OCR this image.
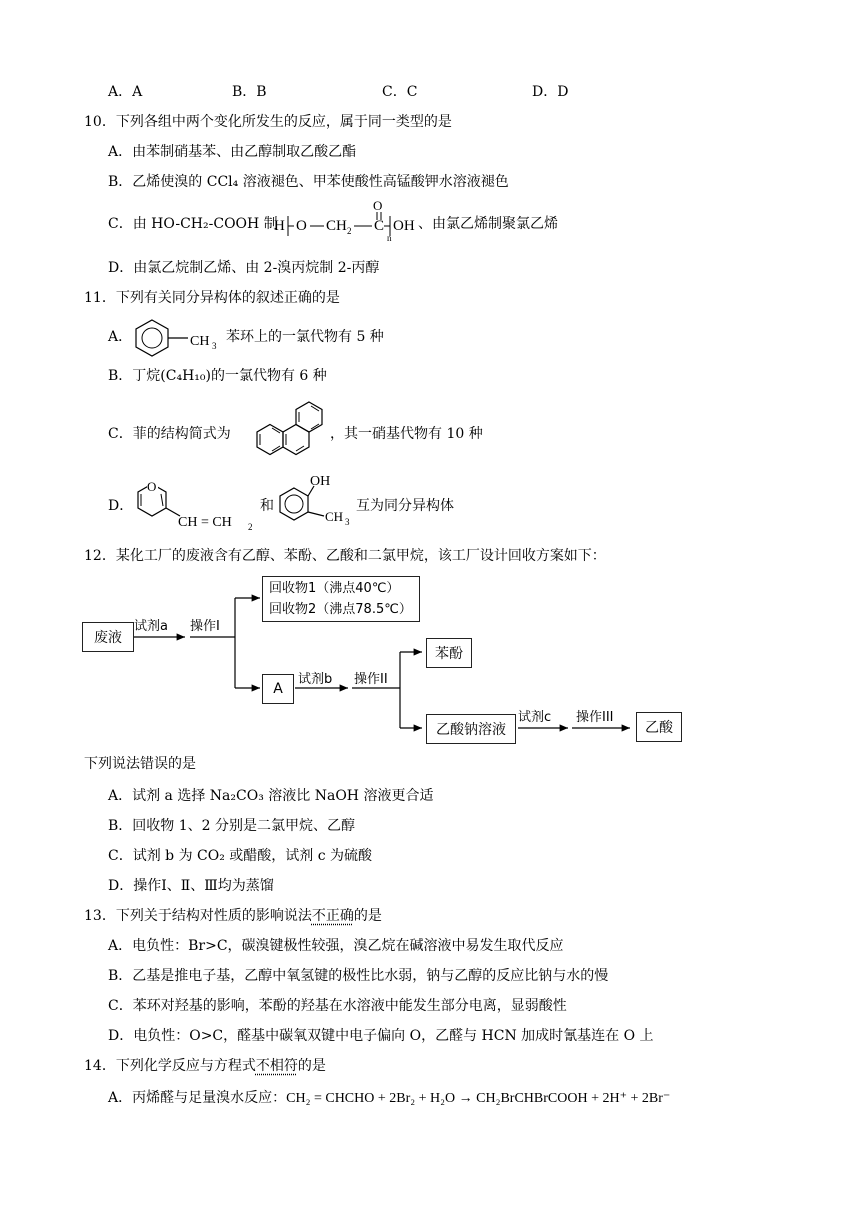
A．A	B．B	C．C	D．D
10．下列各组中两个变化所发生的反应，属于同一类型的是
A．由苯制硝基苯、由乙醇制取乙酸乙酯
B．乙烯使溴的 CCl₄ 溶液褪色、甲苯使酸性高锰酸钾水溶液褪色
C．由 HO-CH₂-COOH 制
H O CH 2 C
O
n
OH 、由氯乙烯制聚氯乙烯
D．由氯乙烷制乙烯、由 2-溴丙烷制 2-丙醇
11．下列有关同分异构体的叙述正确的是
A．	CH 3
苯环上的一氯代物有 5 种
B．丁烷(C₄H₁₀)的一氯代物有 6 种
C．菲的结构简式为	，其一硝基代物有 10 种
D．
O
CH = CH 2
和
OH
CH 3
互为同分异构体
12．某化工厂的废液含有乙醇、苯酚、乙酸和二氯甲烷，该工厂设计回收方案如下：
废液
试剂a 操作I
回收物1（沸点40℃）
回收物2（沸点78.5℃）
A
试剂b 操作II
苯酚
乙酸钠溶液
试剂c 操作III
乙酸
下列说法错误的是
A．试剂 a 选择 Na₂CO₃ 溶液比 NaOH 溶液更合适
B．回收物 1、2 分别是二氯甲烷、乙醇
C．试剂 b 为 CO₂ 或醋酸，试剂 c 为硫酸
D．操作Ⅰ、Ⅱ、Ⅲ均为蒸馏
13．下列关于结构对性质的影响说法不正确的是
A．电负性：Br>C，碳溴键极性较强，溴乙烷在碱溶液中易发生取代反应
B．乙基是推电子基，乙醇中氧氢键的极性比水弱，钠与乙醇的反应比钠与水的慢
C．苯环对羟基的影响，苯酚的羟基在水溶液中能发生部分电离，显弱酸性
D．电负性：O>C，醛基中碳氧双键中电子偏向 O，乙醛与 HCN 加成时氰基连在 O 上
14．下列化学反应与方程式不相符的是
A．丙烯醛与足量溴水反应：CH₂ = CHCHO + 2Br₂ + H₂O → CH₂BrCHBrCOOH + 2H⁺ + 2Br⁻
